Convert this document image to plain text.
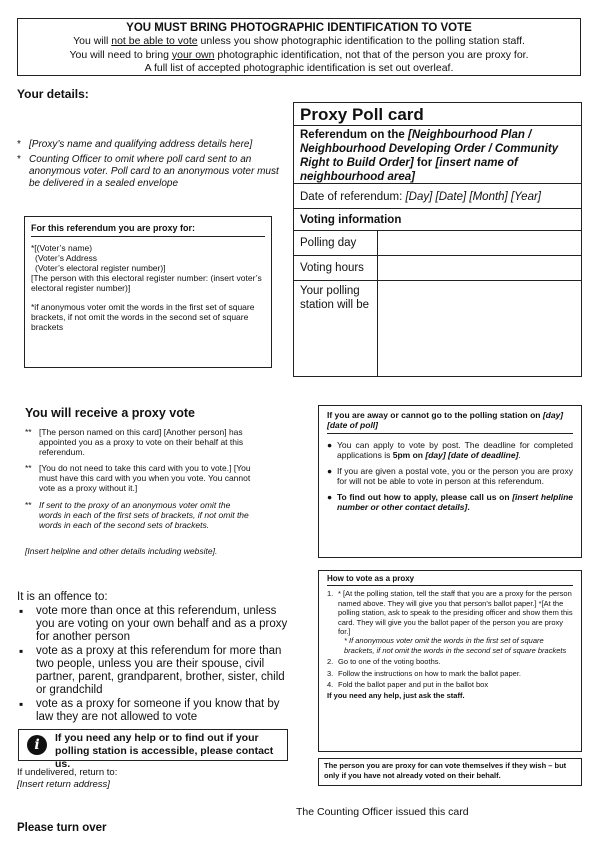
YOU MUST BRING PHOTOGRAPHIC IDENTIFICATION TO VOTE

You will not be able to vote unless you show photographic identification to the polling station staff.

You will need to bring your own photographic identification, not that of the person you are proxy for.

A full list of accepted photographic identification is set out overleaf.

Your details:
* [Proxy’s name and qualifying address details here]
* Counting Officer to omit where poll card sent to an anonymous voter. Poll card to an anonymous voter must be delivered in a sealed envelope
Proxy Poll card
Referendum on the [Neighbourhood Plan / Neighbourhood Developing Order / Community Right to Build Order] for [insert name of neighbourhood area]
Date of referendum: [Day] [Date] [Month] [Year]
Voting information
Polling day
Voting hours
Your polling station will be
For this referendum you are proxy for:

*[(Voter’s name)

(Voter’s Address

(Voter’s electoral register number)]

[The person with this electoral register number: (insert voter’s electoral register number)]

*if anonymous voter omit the words in the first set of square brackets, if not omit the words in the second set of square brackets

You will receive a proxy vote
** [The person named on this card] [Another person] has appointed you as a proxy to vote on their behalf at this referendum.
** [You do not need to take this card with you to vote.] [You must have this card with you when you vote. You cannot vote as a proxy without it.]
** If sent to the proxy of an anonymous voter omit the words in each of the first sets of brackets, if not omit the words in each of the second sets of brackets.
[Insert helpline and other details including website].
It is an offence to:
▪ vote more than once at this referendum, unless you are voting on your own behalf and as a proxy for another person
▪ vote as a proxy at this referendum for more than two people, unless you are their spouse, civil partner, parent, grandparent, brother, sister, child or grandchild
▪ vote as a proxy for someone if you know that by law they are not allowed to vote
i	If you need any help or to find out if your polling station is accessible, please contact us.

If undelivered, return to:

[Insert return address]

Please turn over
The Counting Officer issued this card
If you are away or cannot go to the polling station on [day] [date of poll]
● You can apply to vote by post. The deadline for completed applications is 5pm on [day] [date of deadline].
● If you are given a postal vote, you or the person you are proxy for will not be able to vote in person at this referendum.
● To find out how to apply, please call us on [insert helpline number or other contact details].
How to vote as a proxy
1. * [At the polling station, tell the staff that you are a proxy for the person named above. They will give you that person’s ballot paper.] *[At the polling station, ask to speak to the presiding officer and show them this card. They will give you the ballot paper of the person you are proxy for.]
* If anonymous voter omit the words in the first set of square brackets, if not omit the words in the second set of square brackets
2. Go to one of the voting booths.
3. Follow the instructions on how to mark the ballot paper.
4. Fold the ballot paper and put in the ballot box

If you need any help, just ask the staff.

The person you are proxy for can vote themselves if they wish – but only if you have not already voted on their behalf.
